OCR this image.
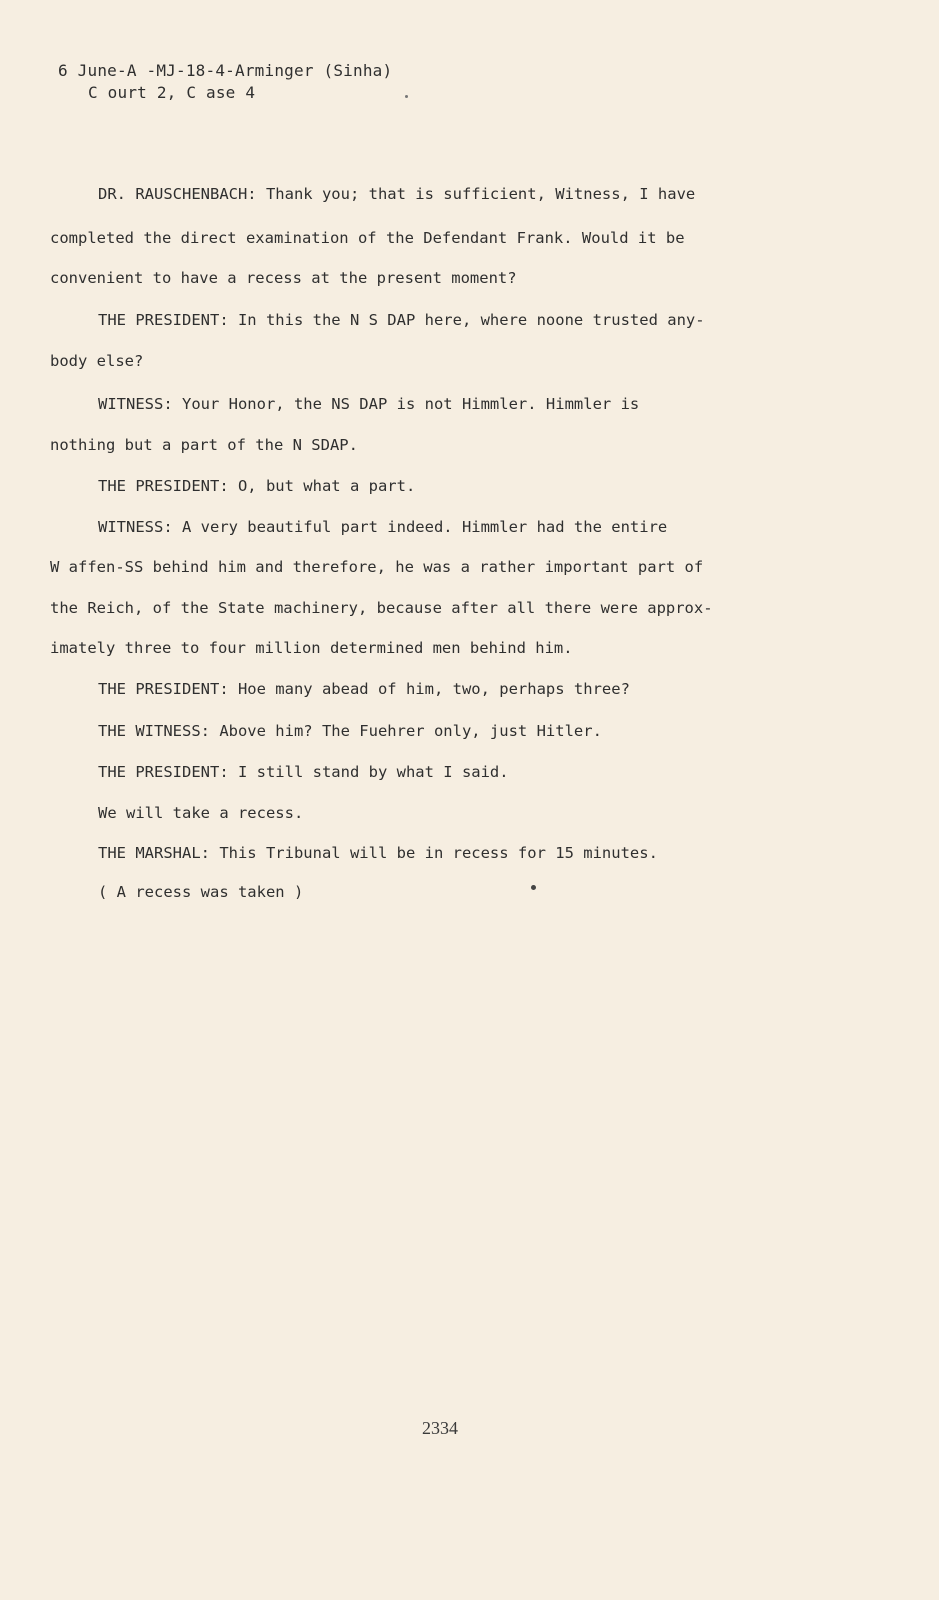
6 June-A -MJ-18-4-Arminger (Sinha)
C ourt 2, C ase 4
DR. RAUSCHENBACH: Thank you; that is sufficient, Witness, I have
completed the direct examination of the Defendant Frank. Would it be
convenient to have a recess at the present moment?
THE PRESIDENT: In this the N S DAP here, where noone trusted any-
body else?
WITNESS: Your Honor, the NS DAP is not Himmler. Himmler is
nothing but a part of the N SDAP.
THE PRESIDENT: O, but what a part.
WITNESS: A very beautiful part indeed. Himmler had the entire
W affen-SS behind him and therefore, he was a rather important part of
the Reich, of the State machinery, because after all there were approx-
imately three to four million determined men behind him.
THE PRESIDENT: Hoe many abead of him, two, perhaps three?
THE WITNESS: Above him? The Fuehrer only, just Hitler.
THE PRESIDENT: I still stand by what I said.
We will take a recess.
THE MARSHAL: This Tribunal will be in recess for 15 minutes.
( A recess was taken )
2334
